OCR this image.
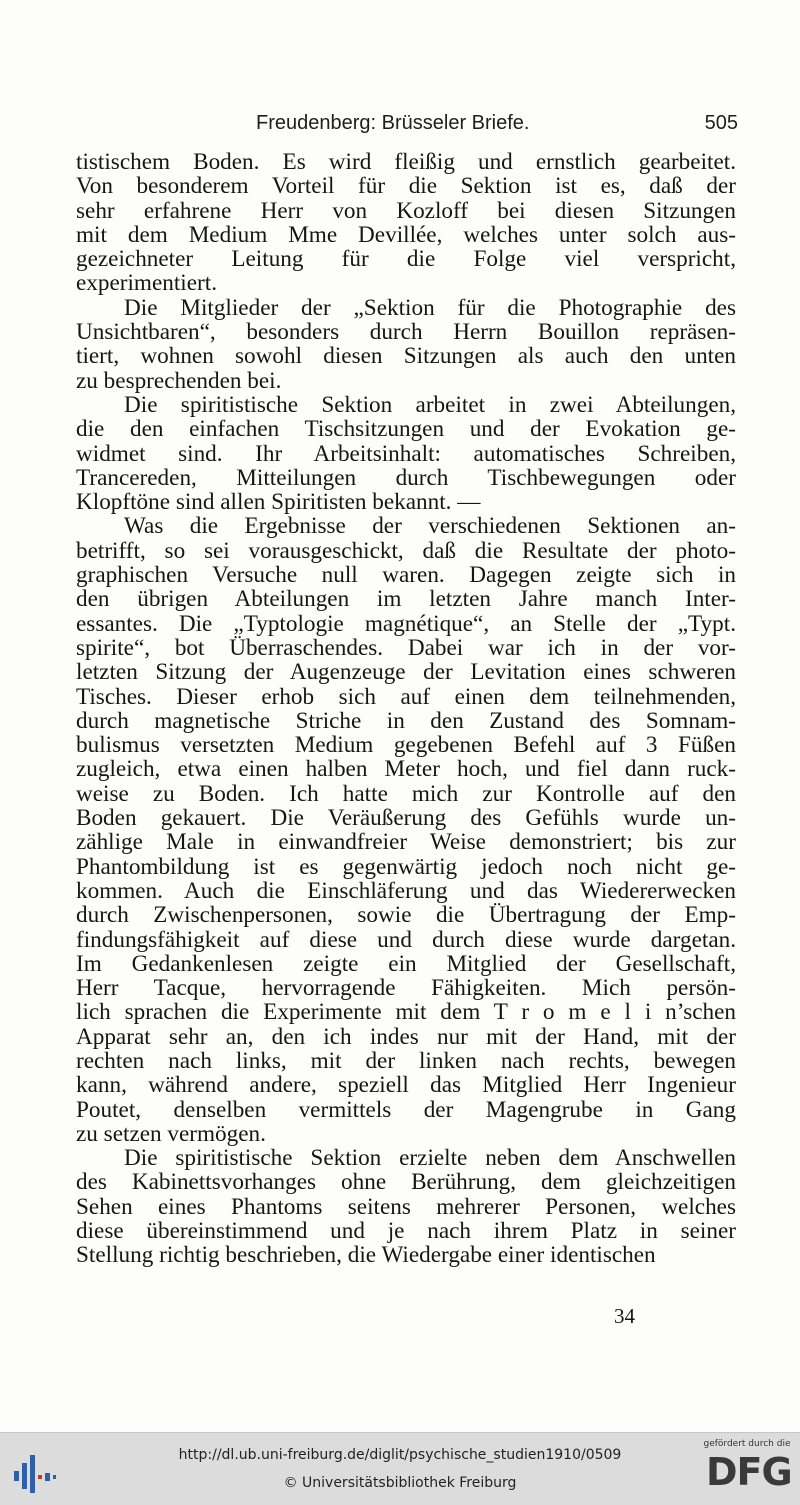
Freudenberg: Brüsseler Briefe.	505
tistischem Boden. Es wird fleißig und ernstlich gearbeitet.
Von besonderem Vorteil für die Sektion ist es, daß der
sehr erfahrene Herr von Kozloff bei diesen Sitzungen
mit dem Medium Mme Devillée, welches unter solch aus-
gezeichneter Leitung für die Folge viel verspricht,
experimentiert.
Die Mitglieder der „Sektion für die Photographie des
Unsichtbaren“, besonders durch Herrn Bouillon repräsen-
tiert, wohnen sowohl diesen Sitzungen als auch den unten
zu besprechenden bei.
Die spiritistische Sektion arbeitet in zwei Abteilungen,
die den einfachen Tischsitzungen und der Evokation ge-
widmet sind. Ihr Arbeitsinhalt: automatisches Schreiben,
Trancereden, Mitteilungen durch Tischbewegungen oder
Klopftöne sind allen Spiritisten bekannt. —
Was die Ergebnisse der verschiedenen Sektionen an-
betrifft, so sei vorausgeschickt, daß die Resultate der photo-
graphischen Versuche null waren. Dagegen zeigte sich in
den übrigen Abteilungen im letzten Jahre manch Inter-
essantes. Die „Typtologie magnétique“, an Stelle der „Typt.
spirite“, bot Überraschendes. Dabei war ich in der vor-
letzten Sitzung der Augenzeuge der Levitation eines schweren
Tisches. Dieser erhob sich auf einen dem teilnehmenden,
durch magnetische Striche in den Zustand des Somnam-
bulismus versetzten Medium gegebenen Befehl auf 3 Füßen
zugleich, etwa einen halben Meter hoch, und fiel dann ruck-
weise zu Boden. Ich hatte mich zur Kontrolle auf den
Boden gekauert. Die Veräußerung des Gefühls wurde un-
zählige Male in einwandfreier Weise demonstriert; bis zur
Phantombildung ist es gegenwärtig jedoch noch nicht ge-
kommen. Auch die Einschläferung und das Wiedererwecken
durch Zwischenpersonen, sowie die Übertragung der Emp-
findungsfähigkeit auf diese und durch diese wurde dargetan.
Im Gedankenlesen zeigte ein Mitglied der Gesellschaft,
Herr Tacque, hervorragende Fähigkeiten. Mich persön-
lich sprachen die Experimente mit dem T r o m e l i n’schen
Apparat sehr an, den ich indes nur mit der Hand, mit der
rechten nach links, mit der linken nach rechts, bewegen
kann, während andere, speziell das Mitglied Herr Ingenieur
Poutet, denselben vermittels der Magengrube in Gang
zu setzen vermögen.
Die spiritistische Sektion erzielte neben dem Anschwellen
des Kabinettsvorhanges ohne Berührung, dem gleichzeitigen
Sehen eines Phantoms seitens mehrerer Personen, welches
diese übereinstimmend und je nach ihrem Platz in seiner
Stellung richtig beschrieben, die Wiedergabe einer identischen
34
http://dl.ub.uni-freiburg.de/diglit/psychische_studien1910/0509
© Universitätsbibliothek Freiburg
gefördert durch die
DFG
